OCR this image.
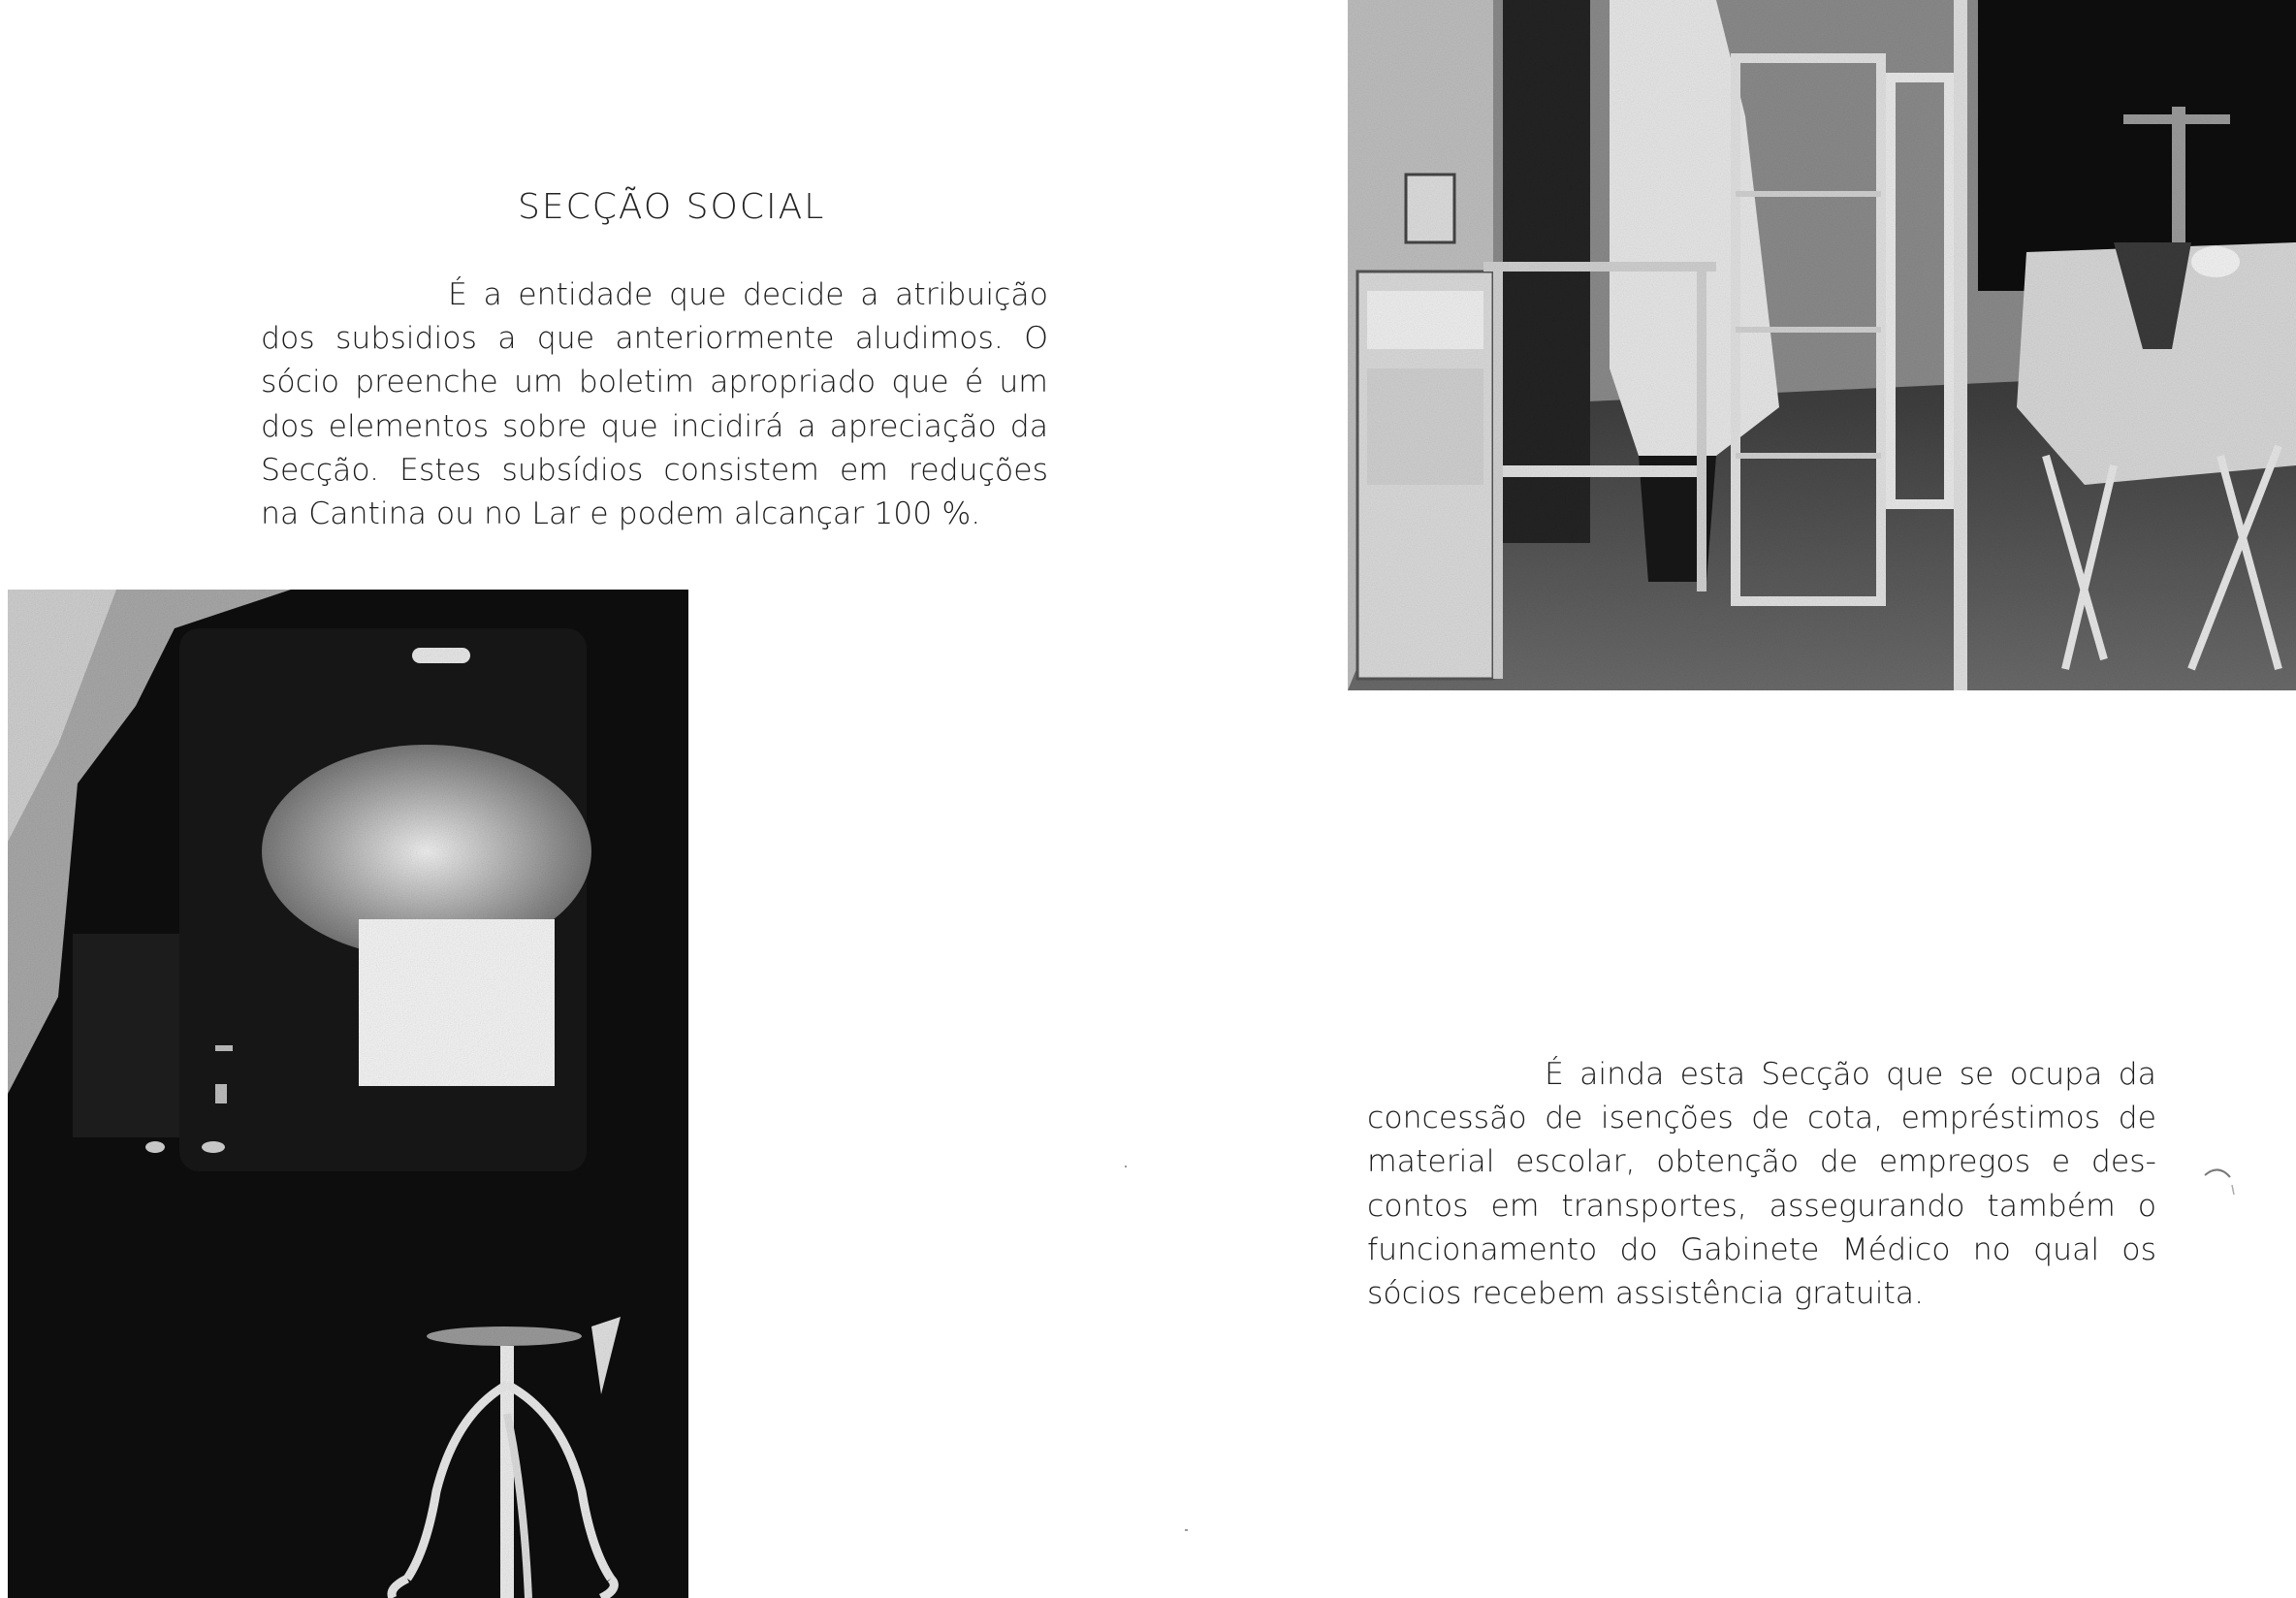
SECÇÃO SOCIAL

É a entidade que decide a atribuição
dos subsidios a que anteriormente aludimos. O
sócio preenche um boletim apropriado que é um
dos elementos sobre que incidirá a apreciação da
Secção. Estes subsídios consistem em reduções
na Cantina ou no Lar e podem alcançar 100 %.

É ainda esta Secção que se ocupa da
concessão de isenções de cota, empréstimos de
material escolar, obtenção de empregos e des-
contos em transportes, assegurando também o
funcionamento do Gabinete Médico no qual os
sócios recebem assistência gratuita.
